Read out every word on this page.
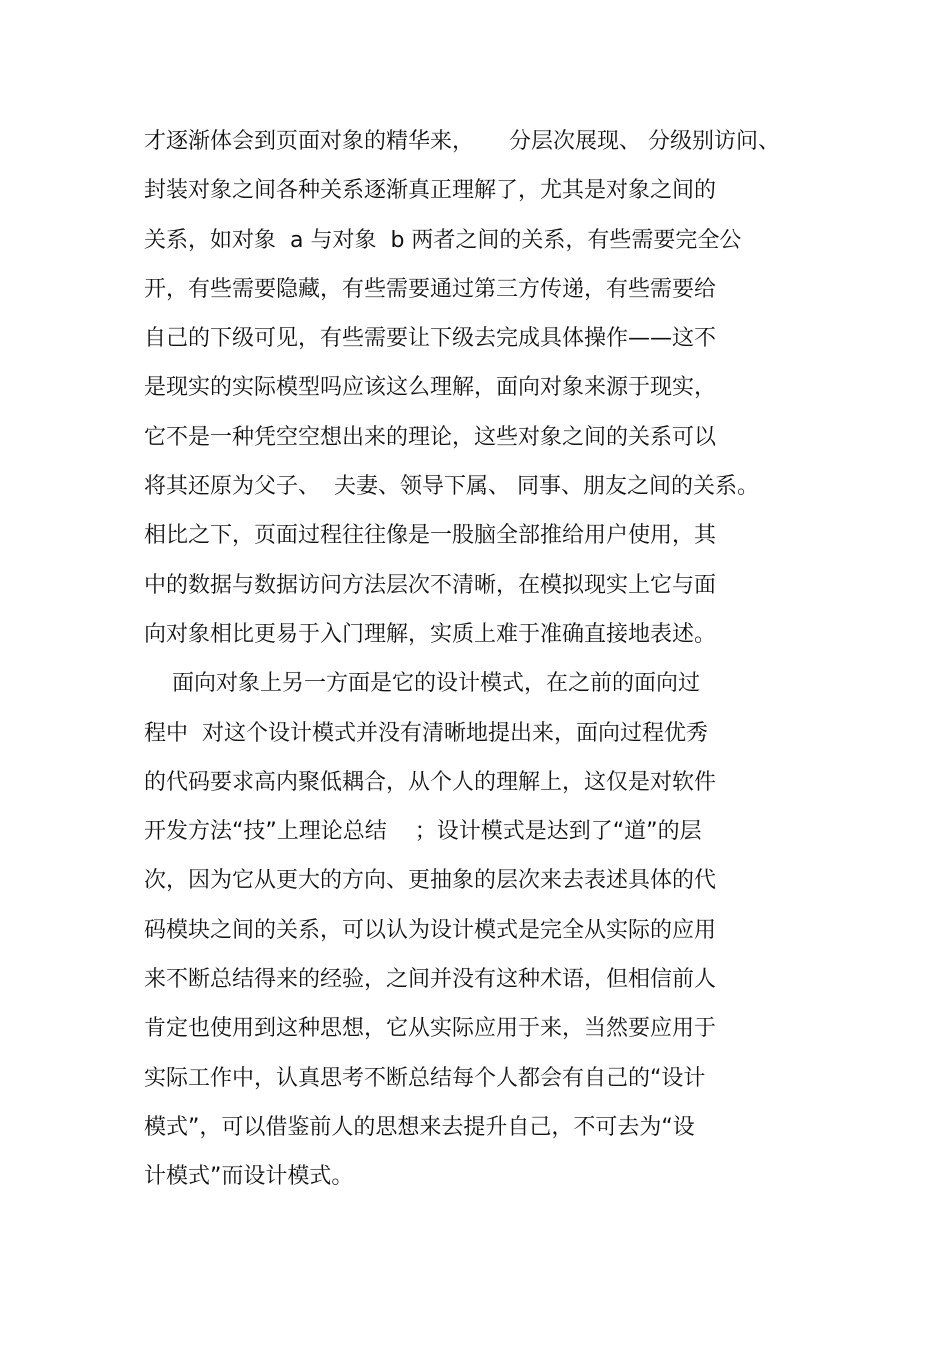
才逐渐体会到页面对象的精华来，     分层次展现、 分级别访问、
封装对象之间各种关系逐渐真正理解了，尤其是对象之间的
关系，如对象  a 与对象  b 两者之间的关系，有些需要完全公
开，有些需要隐藏，有些需要通过第三方传递，有些需要给
自己的下级可见，有些需要让下级去完成具体操作——这不
是现实的实际模型吗应该这么理解，面向对象来源于现实，
它不是一种凭空空想出来的理论，这些对象之间的关系可以
将其还原为父子、  夫妻、领导下属、 同事、朋友之间的关系。
相比之下，页面过程往往像是一股脑全部推给用户使用，其
中的数据与数据访问方法层次不清晰，在模拟现实上它与面
向对象相比更易于入门理解，实质上难于准确直接地表述。
面向对象上另一方面是它的设计模式，在之前的面向过
程中  对这个设计模式并没有清晰地提出来，面向过程优秀
的代码要求高内聚低耦合，从个人的理解上，这仅是对软件
开发方法“技”上理论总结    ；设计模式是达到了“道”的层
次，因为它从更大的方向、更抽象的层次来去表述具体的代
码模块之间的关系，可以认为设计模式是完全从实际的应用
来不断总结得来的经验，之间并没有这种术语，但相信前人
肯定也使用到这种思想，它从实际应用于来，当然要应用于
实际工作中，认真思考不断总结每个人都会有自己的“设计
模式”，可以借鉴前人的思想来去提升自己，不可去为“设
计模式”而设计模式。
